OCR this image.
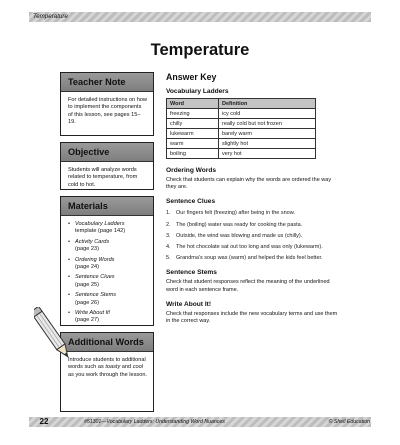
Temperature
Temperature
Teacher Note
For detailed instructions on how to implement the components of this lesson, see pages 15–19.
Objective
Students will analyze words related to temperature, from cold to hot.
Materials
• Vocabulary Ladders template (page 142)
• Activity Cards
(page 23)
• Ordering Words
(page 24)
• Sentence Clues
(page 25)
• Sentence Stems
(page 26)
• Write About It!
(page 27)
Additional Words
Introduce students to additional words such as toasty and cool as you work through the lesson.
Answer Key
Vocabulary Ladders
Word	Definition
freezing	icy cold
chilly	really cold but not frozen
lukewarm	barely warm
warm	slightly hot
boiling	very hot
Ordering Words
Check that students can explain why the words are ordered the way they are.
Sentence Clues
1. Our fingers felt (freezing) after being in the snow.
2. The (boiling) water was ready for cooking the pasta.
3. Outside, the wind was blowing and made us (chilly).
4. The hot chocolate sat out too long and was only (lukewarm).
5. Grandma's soup was (warm) and helped the kids feel better.
Sentence Stems
Check that student responses reflect the meaning of the underlined word in each sentence frame.
Write About It!
Check that responses include the new vocabulary terms and use them in the correct way.
22	#51301—Vocabulary Ladders: Understanding Word Nuances	© Shell Education
